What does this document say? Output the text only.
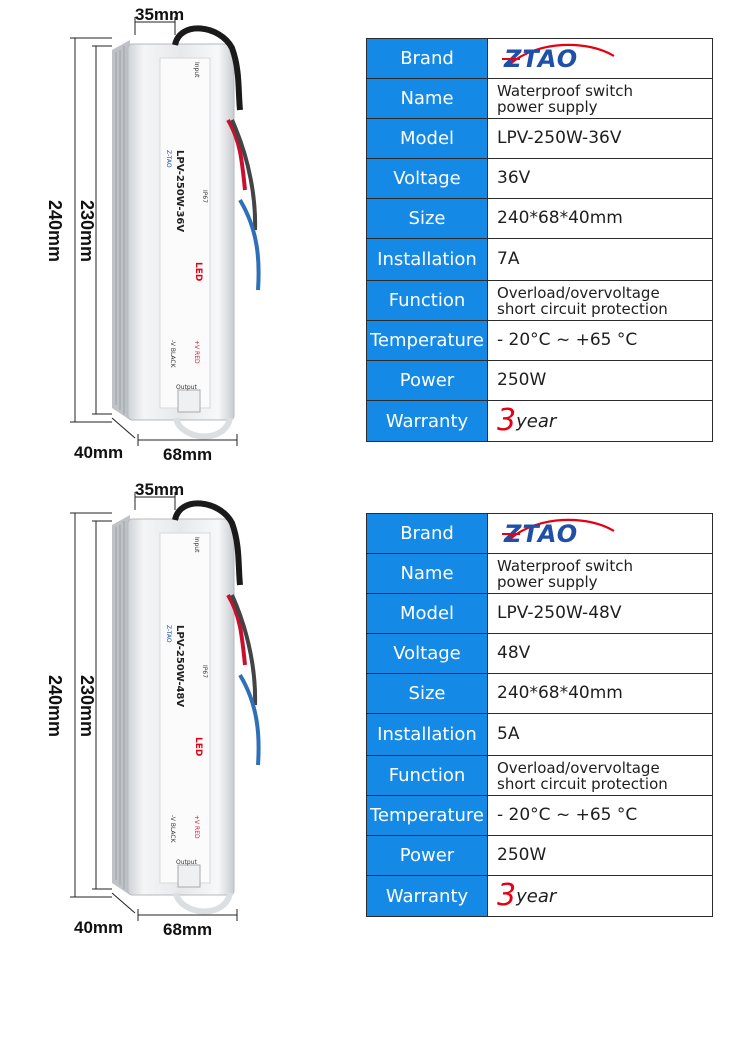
35mm
240mm 230mm
40mm 68mm
LPV-250W-36V
LED
Z-TAO
IP67
Input
+V RED
-V BLACK
Output
Brand	ZTAO

Name	Waterproof switch
power supply

Model	LPV-250W-36V
Voltage	36V
Size	240*68*40mm
Installation	7A
Function	Overload/overvoltage
short circuit protection

Temperature	- 20°C ~ +65 °C
Power	250W
Warranty	3year
35mm
240mm 230mm
40mm 68mm
LPV-250W-48V
LED
Z-TAO
IP67
Input
+V RED
-V BLACK
Output
Brand	ZTAO

Name	Waterproof switch
power supply

Model	LPV-250W-48V
Voltage	48V
Size	240*68*40mm
Installation	5A
Function	Overload/overvoltage
short circuit protection

Temperature	- 20°C ~ +65 °C
Power	250W
Warranty	3year
